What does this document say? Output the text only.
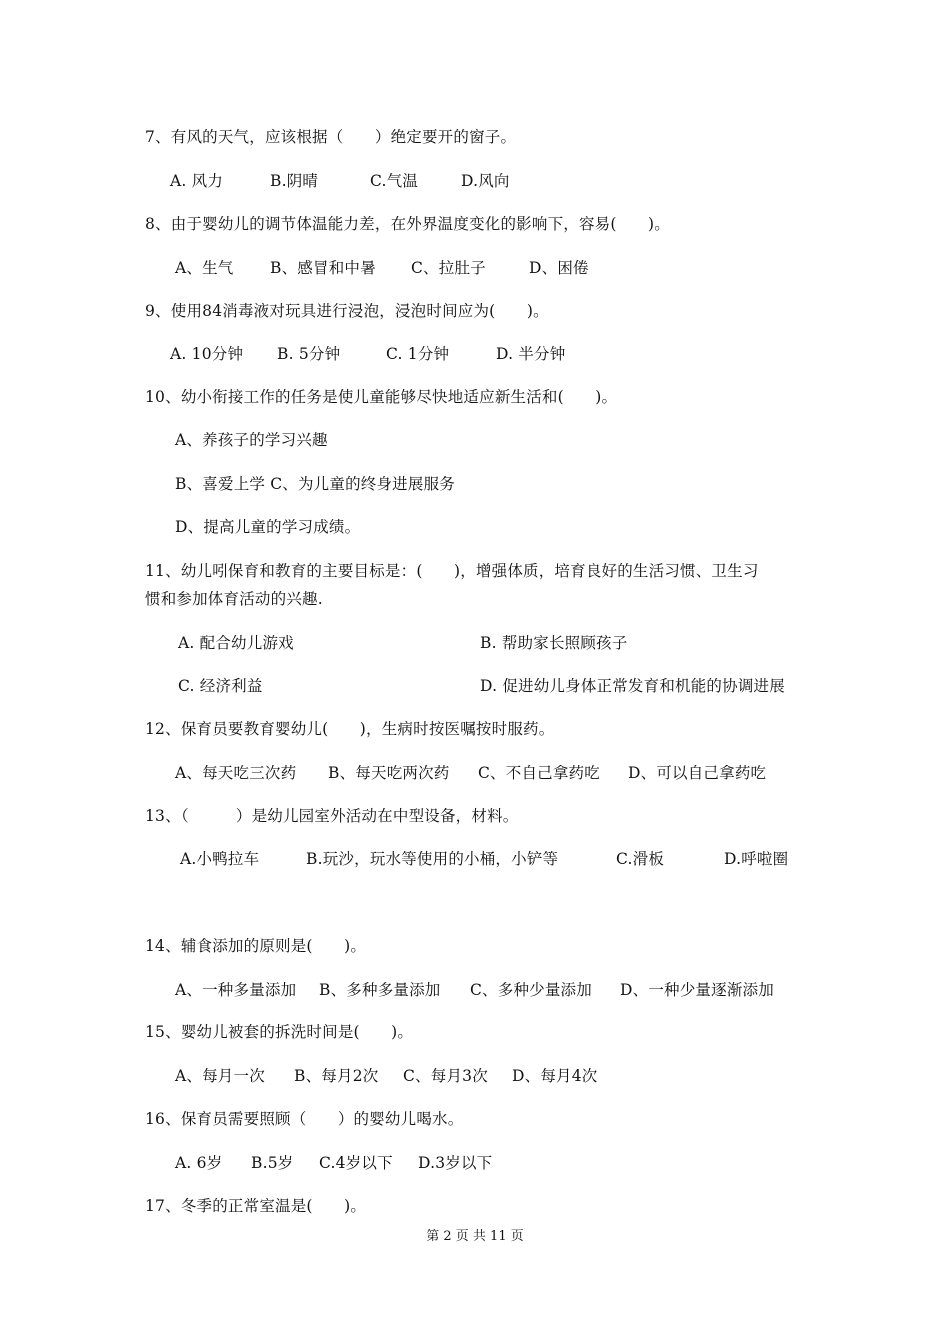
7、有风的天气，应该根据（　　）绝定要开的窗子。
A. 风力	B.阴晴	C.气温	D.风向
8、由于婴幼儿的调节体温能力差，在外界温度变化的影响下，容易(　　)。
A、生气 B、感冒和中暑 C、拉肚子	D、困倦
9、使用84消毒液对玩具进行浸泡，浸泡时间应为(　　)。
A. 10分钟 B. 5分钟	C. 1分钟	D. 半分钟
10、幼小衔接工作的任务是使儿童能够尽快地适应新生活和(　　)。
A、养孩子的学习兴趣
B、喜爱上学 C、为儿童的终身进展服务
D、提高儿童的学习成绩。
11、幼儿吲保育和教育的主要目标是：(　　)，增强体质，培育良好的生活习惯、卫生习
惯和参加体育活动的兴趣.
A. 配合幼儿游戏	B. 帮助家长照顾孩子
C. 经济利益	D. 促进幼儿身体正常发育和机能的协调进展
12、保育员要教育婴幼儿(　　)，生病时按医嘱按时服药。
A、每天吃三次药 B、每天吃两次药 C、不自己拿药吃 D、可以自己拿药吃
13、（　　　）是幼儿园室外活动在中型设备，材料。
A.小鸭拉车	B.玩沙，玩水等使用的小桶，小铲等	C.滑板	D.呼啦圈
14、辅食添加的原则是(　　)。
A、一种多量添加 B、多种多量添加 C、多种少量添加 D、一种少量逐渐添加
15、婴幼儿被套的拆洗时间是(　　)。
A、每月一次 B、每月2次 C、每月3次 D、每月4次
16、保育员需要照顾（　　）的婴幼儿喝水。
A. 6岁 B.5岁 C.4岁以下 D.3岁以下
17、冬季的正常室温是(　　)。
第 2 页 共 11 页
